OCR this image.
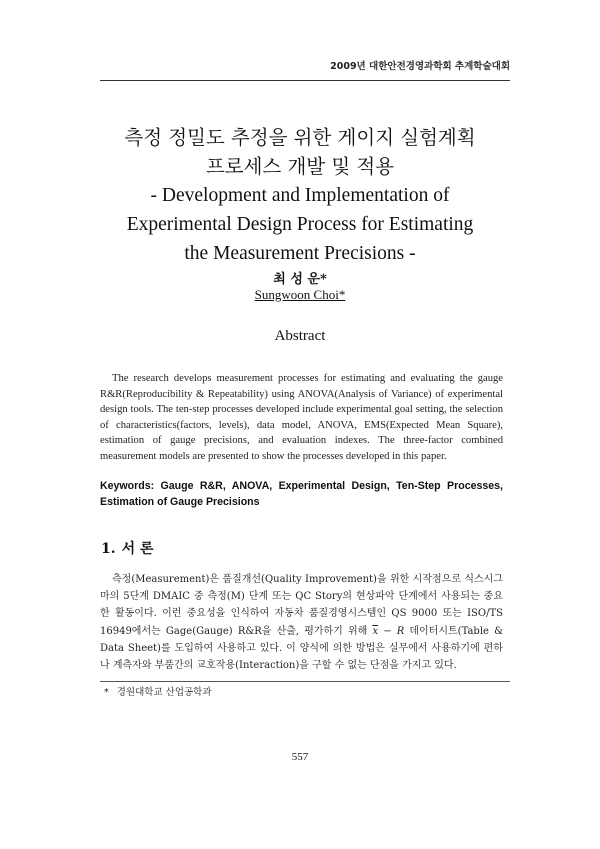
2009년 대한안전경영과학회 추계학술대회
측정 정밀도 추정을 위한 게이지 실험계획
프로세스 개발 및 적용
- Development and Implementation of
Experimental Design Process for Estimating
the Measurement Precisions -
최 성 운*
Sungwoon Choi*
Abstract

The research develops measurement processes for estimating and evaluating the gauge R&R(Reproducibility & Repeatability) using ANOVA(Analysis of Variance) of experimental design tools. The ten-step processes developed include experimental goal setting, the selection of characteristics(factors, levels), data model, ANOVA, EMS(Expected Mean Square), estimation of gauge precisions, and evaluation indexes. The three-factor combined measurement models are presented to show the processes developed in this paper.

Keywords: Gauge R&R, ANOVA, Experimental Design, Ten-Step Processes, Estimation of Gauge Precisions

1. 서 론

측정(Measurement)은 품질개선(Quality Improvement)을 위한 시작점으로 식스시그마의 5단계 DMAIC 중 측정(M) 단계 또는 QC Story의 현상파악 단계에서 사용되는 중요한 활동이다. 이런 중요성을 인식하여 자동차 품질경영시스템인 QS 9000 또는 ISO/TS 16949에서는 Gage(Gauge) R&R을 산출, 평가하기 위해 $\overline{x} - R$ 데이터시트(Table & Data Sheet)를 도입하여 사용하고 있다. 이 양식에 의한 방법은 실무에서 사용하기에 편하나 계측자와 부품간의 교호작용(Interaction)을 구할 수 없는 단점을 가지고 있다.

* 경원대학교 산업공학과
557
